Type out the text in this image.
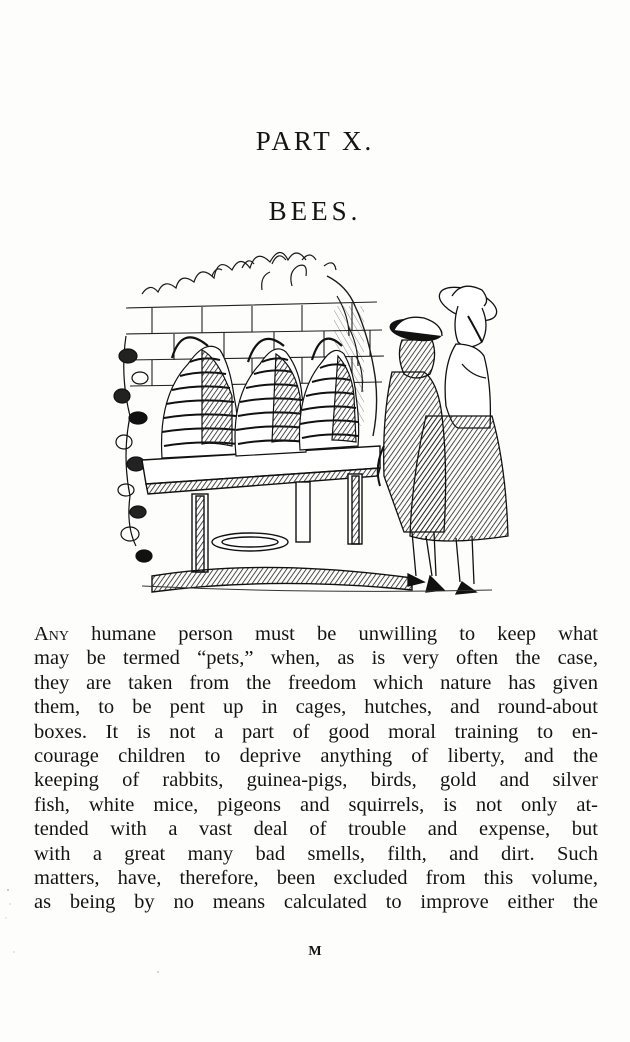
PART X.
BEES.
Any humane person must be unwilling to keep what
may be termed “pets,” when, as is very often the case,
they are taken from the freedom which nature has given
them, to be pent up in cages, hutches, and round-about
boxes. It is not a part of good moral training to en-
courage children to deprive anything of liberty, and the
keeping of rabbits, guinea-pigs, birds, gold and silver
fish, white mice, pigeons and squirrels, is not only at-
tended with a vast deal of trouble and expense, but
with a great many bad smells, filth, and dirt. Such
matters, have, therefore, been excluded from this volume,
as being by no means calculated to improve either the
M
